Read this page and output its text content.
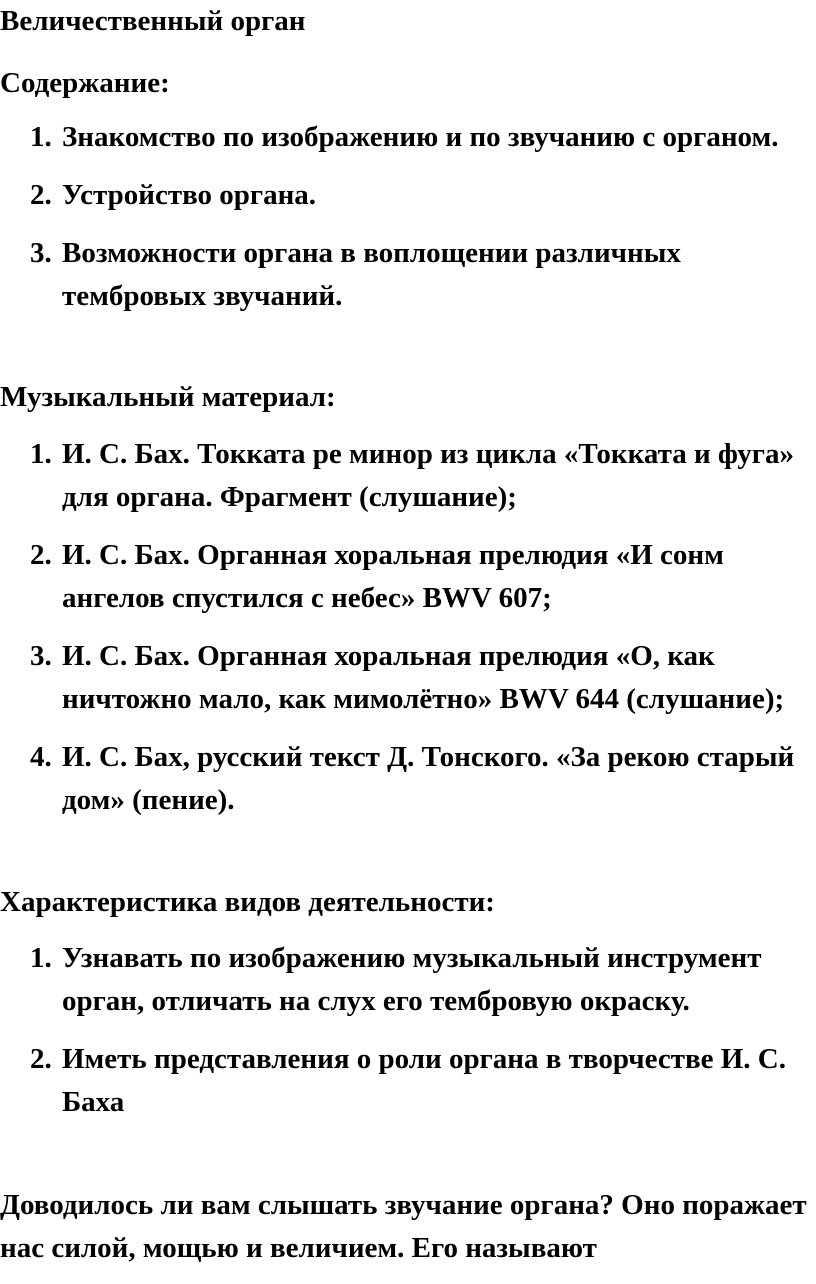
Величественный орган

Содержание:

1. Знакомство по изображению и по звучанию с органом.
2. Устройство органа.
3. Возможности органа в воплощении различных тембровых звучаний.

Музыкальный материал:

1. И. С. Бах. Токката ре минор из цикла «Токката и фуга» для органа. Фрагмент (слушание);
2. И. С. Бах. Органная хоральная прелюдия «И сонм ангелов спустился с небес» BWV 607;
3. И. С. Бах. Органная хоральная прелюдия «О, как ничтожно мало, как мимолётно» BWV 644 (слушание);
4. И. С. Бах, русский текст Д. Тонского. «За рекою старый дом» (пение).

Характеристика видов деятельности:

1. Узнавать по изображению музыкальный инструмент орган, отличать на слух его тембровую окраску.
2. Иметь представления о роли органа в творчестве И. С. Баха

Доводилось ли вам слышать звучание органа? Оно поражает нас силой, мощью и величием. Его называют
